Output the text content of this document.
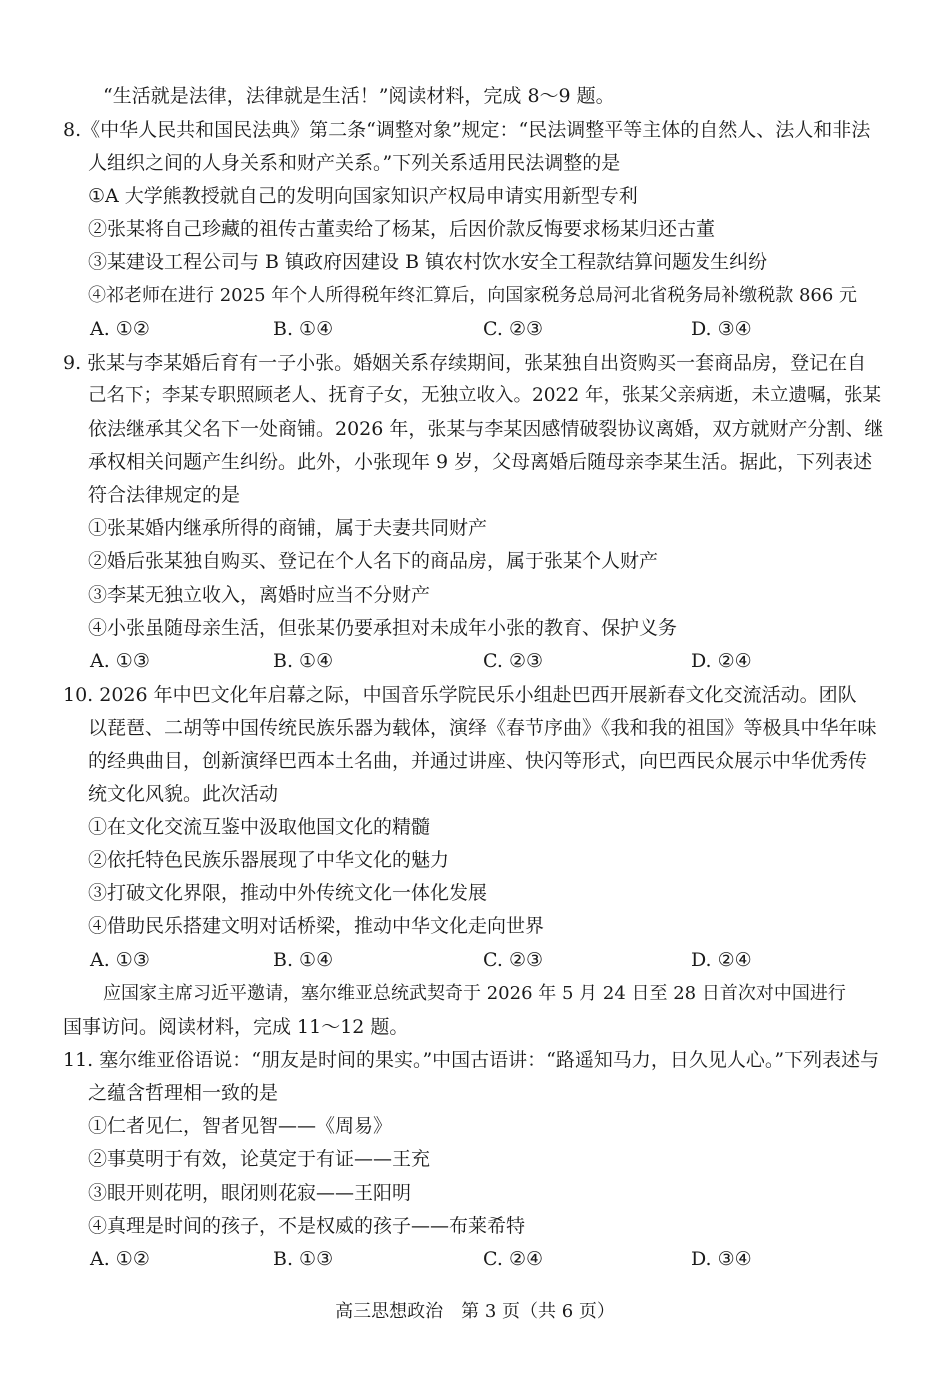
“生活就是法律，法律就是生活！”阅读材料，完成 8～9 题。
8.《中华人民共和国民法典》第二条“调整对象”规定：“民法调整平等主体的自然人、法人和非法
人组织之间的人身关系和财产关系。”下列关系适用民法调整的是
①A 大学熊教授就自己的发明向国家知识产权局申请实用新型专利
②张某将自己珍藏的祖传古董卖给了杨某，后因价款反悔要求杨某归还古董
③某建设工程公司与 B 镇政府因建设 B 镇农村饮水安全工程款结算问题发生纠纷
④祁老师在进行 2025 年个人所得税年终汇算后，向国家税务总局河北省税务局补缴税款 866 元
A. ①②	B. ①④	C. ②③	D. ③④
9. 张某与李某婚后育有一子小张。婚姻关系存续期间，张某独自出资购买一套商品房，登记在自
己名下；李某专职照顾老人、抚育子女，无独立收入。2022 年，张某父亲病逝，未立遗嘱，张某
依法继承其父名下一处商铺。2026 年，张某与李某因感情破裂协议离婚，双方就财产分割、继
承权相关问题产生纠纷。此外，小张现年 9 岁，父母离婚后随母亲李某生活。据此，下列表述
符合法律规定的是
①张某婚内继承所得的商铺，属于夫妻共同财产
②婚后张某独自购买、登记在个人名下的商品房，属于张某个人财产
③李某无独立收入，离婚时应当不分财产
④小张虽随母亲生活，但张某仍要承担对未成年小张的教育、保护义务
A. ①③	B. ①④	C. ②③	D. ②④
10. 2026 年中巴文化年启幕之际，中国音乐学院民乐小组赴巴西开展新春文化交流活动。团队
以琵琶、二胡等中国传统民族乐器为载体，演绎《春节序曲》《我和我的祖国》等极具中华年味
的经典曲目，创新演绎巴西本土名曲，并通过讲座、快闪等形式，向巴西民众展示中华优秀传
统文化风貌。此次活动
①在文化交流互鉴中汲取他国文化的精髓
②依托特色民族乐器展现了中华文化的魅力
③打破文化界限，推动中外传统文化一体化发展
④借助民乐搭建文明对话桥梁，推动中华文化走向世界
A. ①③	B. ①④	C. ②③	D. ②④
应国家主席习近平邀请，塞尔维亚总统武契奇于 2026 年 5 月 24 日至 28 日首次对中国进行
国事访问。阅读材料，完成 11～12 题。
11. 塞尔维亚俗语说：“朋友是时间的果实。”中国古语讲：“路遥知马力，日久见人心。”下列表述与
之蕴含哲理相一致的是
①仁者见仁，智者见智——《周易》
②事莫明于有效，论莫定于有证——王充
③眼开则花明，眼闭则花寂——王阳明
④真理是时间的孩子，不是权威的孩子——布莱希特
A. ①②	B. ①③	C. ②④	D. ③④
高三思想政治　第 3 页（共 6 页）
